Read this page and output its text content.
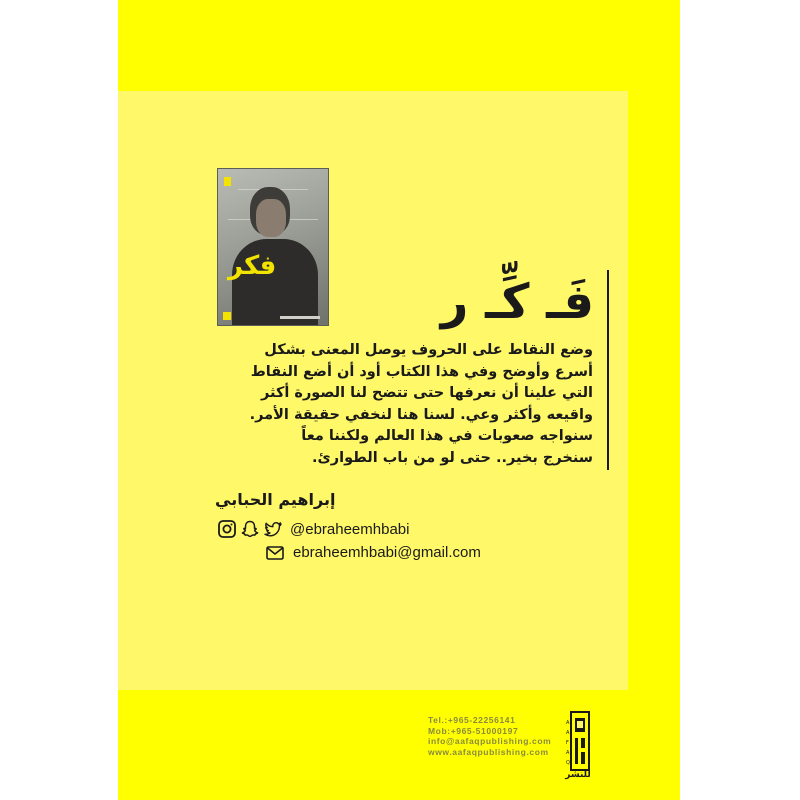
فكر
فَـ كِّـ ر

وضع النقاط على الحروف يوصل المعنى بشكل

أسرع وأوضح وفي هذا الكتاب أود أن أضع النقاط

التي علينا أن نعرفها حتى تتضح لنا الصورة أكثر

واقيعه وأكثر وعي. لسنا هنا لنخفي حقيقة الأمر.

سنواجه صعوبات في هذا العالم ولكننا معاً

سنخرج بخير.. حتى لو من باب الطوارئ.

إبراهيم الحبابي
@ebraheemhbabi
ebraheemhbabi@gmail.com
Tel.:+965-22256141
Mob:+965-51000197
info@aafaqpublishing.com
www.aafaqpublishing.com
A
A
F
A
Q
للنشر
